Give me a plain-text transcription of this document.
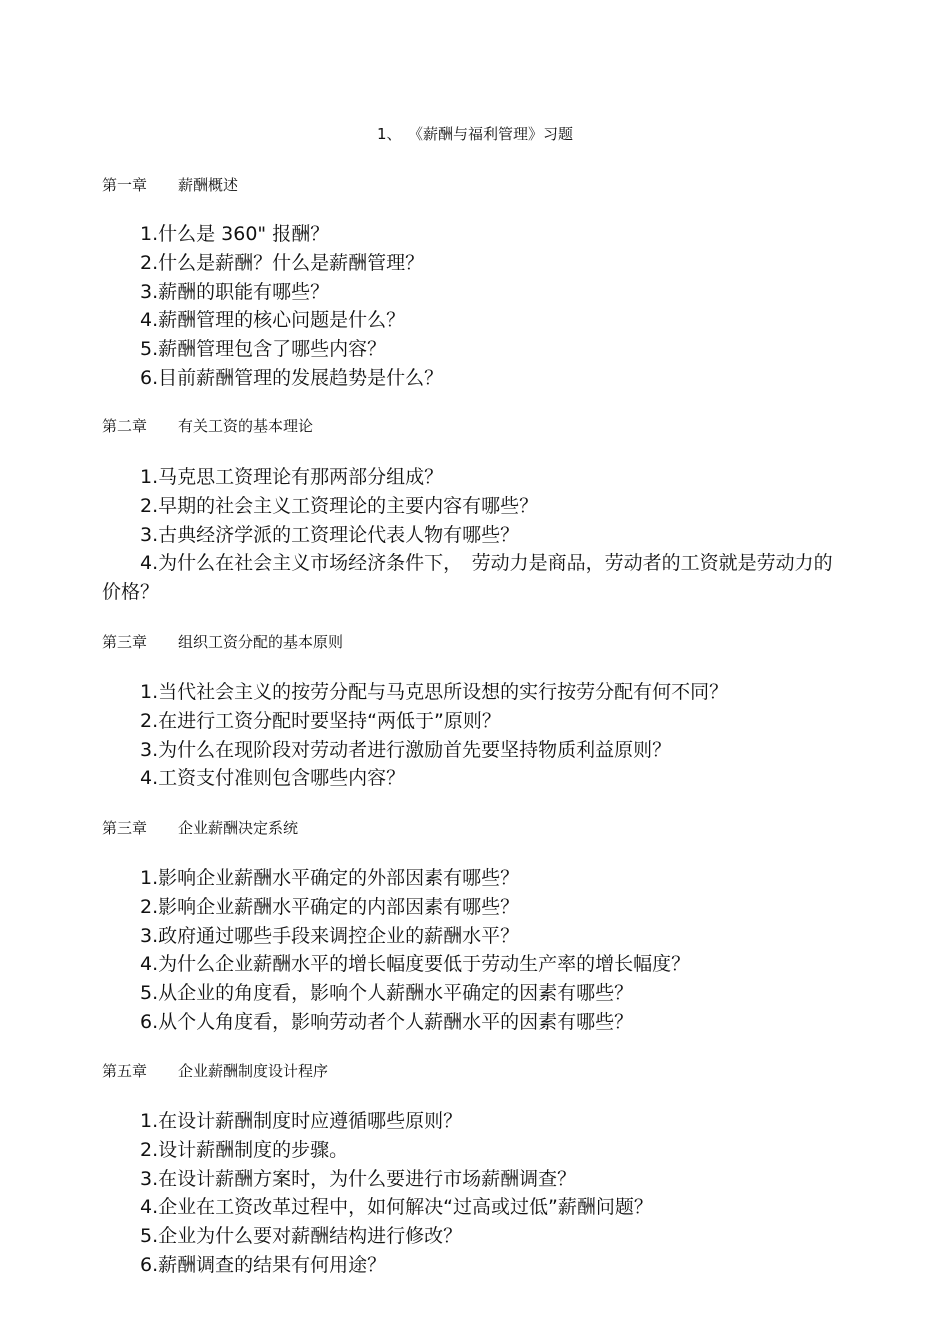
1、 《薪酬与福利管理》习题
第一章 薪酬概述
1.什么是 360" 报酬？
2.什么是薪酬？什么是薪酬管理？
3.薪酬的职能有哪些？
4.薪酬管理的核心问题是什么？
5.薪酬管理包含了哪些内容？
6.目前薪酬管理的发展趋势是什么？
第二章 有关工资的基本理论
1.马克思工资理论有那两部分组成？
2.早期的社会主义工资理论的主要内容有哪些？
3.古典经济学派的工资理论代表人物有哪些？
4.为什么在社会主义市场经济条件下，　劳动力是商品，劳动者的工资就是劳动力的价格？
第三章 组织工资分配的基本原则
1.当代社会主义的按劳分配与马克思所设想的实行按劳分配有何不同？
2.在进行工资分配时要坚持“两低于”原则？
3.为什么在现阶段对劳动者进行激励首先要坚持物质利益原则？
4.工资支付准则包含哪些内容？
第三章 企业薪酬决定系统
1.影响企业薪酬水平确定的外部因素有哪些？
2.影响企业薪酬水平确定的内部因素有哪些？
3.政府通过哪些手段来调控企业的薪酬水平？
4.为什么企业薪酬水平的增长幅度要低于劳动生产率的增长幅度？
5.从企业的角度看，影响个人薪酬水平确定的因素有哪些？
6.从个人角度看，影响劳动者个人薪酬水平的因素有哪些？
第五章 企业薪酬制度设计程序
1.在设计薪酬制度时应遵循哪些原则？
2.设计薪酬制度的步骤。
3.在设计薪酬方案时，为什么要进行市场薪酬调查？
4.企业在工资改革过程中，如何解决“过高或过低”薪酬问题？
5.企业为什么要对薪酬结构进行修改？
6.薪酬调查的结果有何用途？
